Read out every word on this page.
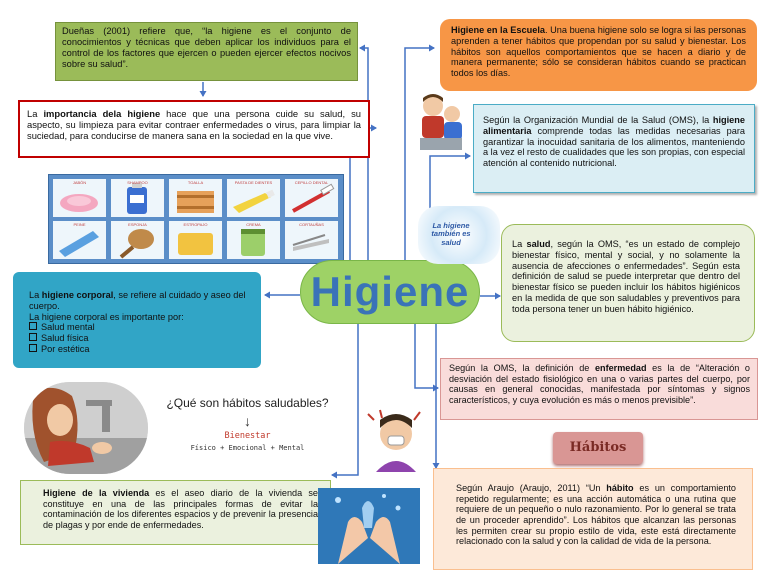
Dueñas (2001) refiere que, “la higiene es el conjunto de conocimientos y técnicas que deben aplicar los individuos para el control de los factores que ejercen o pueden ejercer efectos nocivos sobre su salud”.
La importancia dela higiene hace que una persona cuide su salud, su aspecto, su limpieza para evitar contraer enfermedades o virus, para limpiar la suciedad, para conducirse de manera sana en la sociedad en la que vive.
JABÓN	SHAMPOO	TOALLA	PASTA DE DIENTES	CEPILLO DENTAL
PEINE	ESPONJA	ESTROPAJO	CREMA	CORTAUÑAS
La higiene corporal, se refiere al cuidado y aseo del cuerpo.
La higiene corporal es importante por:
Salud mental
Salud física
Por estética
¿Qué son hábitos saludables?
↓
Bienestar
Físico + Emocional + Mental
Higiene de la vivienda es el aseo diario de la vivienda se constituye en una de las principales formas de evitar la contaminación de los diferentes espacios y de prevenir la presencia de plagas y por ende de enfermedades.
Higiene
Higiene en la Escuela. Una buena higiene solo se logra si las personas aprenden a tener hábitos que propendan por su salud y bienestar. Los hábitos son aquellos comportamientos que se hacen a diario y de manera permanente; sólo se consideran hábitos cuando se practican todos los días.
Según la Organización Mundial de la Salud (OMS), la higiene alimentaria comprende todas las medidas necesarias para garantizar la inocuidad sanitaria de los alimentos, manteniendo a la vez el resto de cualidades que les son propias, con especial atención al contenido nutricional.
La higiene también es salud	La salud, según la OMS, “es un estado de complejo bienestar físico, mental y social, y no solamente la ausencia de afecciones o enfermedades”. Según esta definición de salud se puede interpretar que dentro del bienestar físico se pueden incluir los hábitos higiénicos en la medida de que son saludables y preventivos para toda persona tener un buen hábito higiénico.
Según la OMS, la definición de enfermedad es la de “Alteración o desviación del estado fisiológico en una o varias partes del cuerpo, por causas en general conocidas, manifestada por síntomas y signos característicos, y cuya evolución es más o menos previsible”.
Hábitos
Según Araujo (Araujo, 2011) “Un hábito es un comportamiento repetido regularmente; es una acción automática o una rutina que requiere de un pequeño o nulo razonamiento. Por lo general se trata de un proceder aprendido”. Los hábitos que alcanzan las personas les permiten crear su propio estilo de vida, este está directamente relacionado con la salud y con la calidad de vida de la persona.
